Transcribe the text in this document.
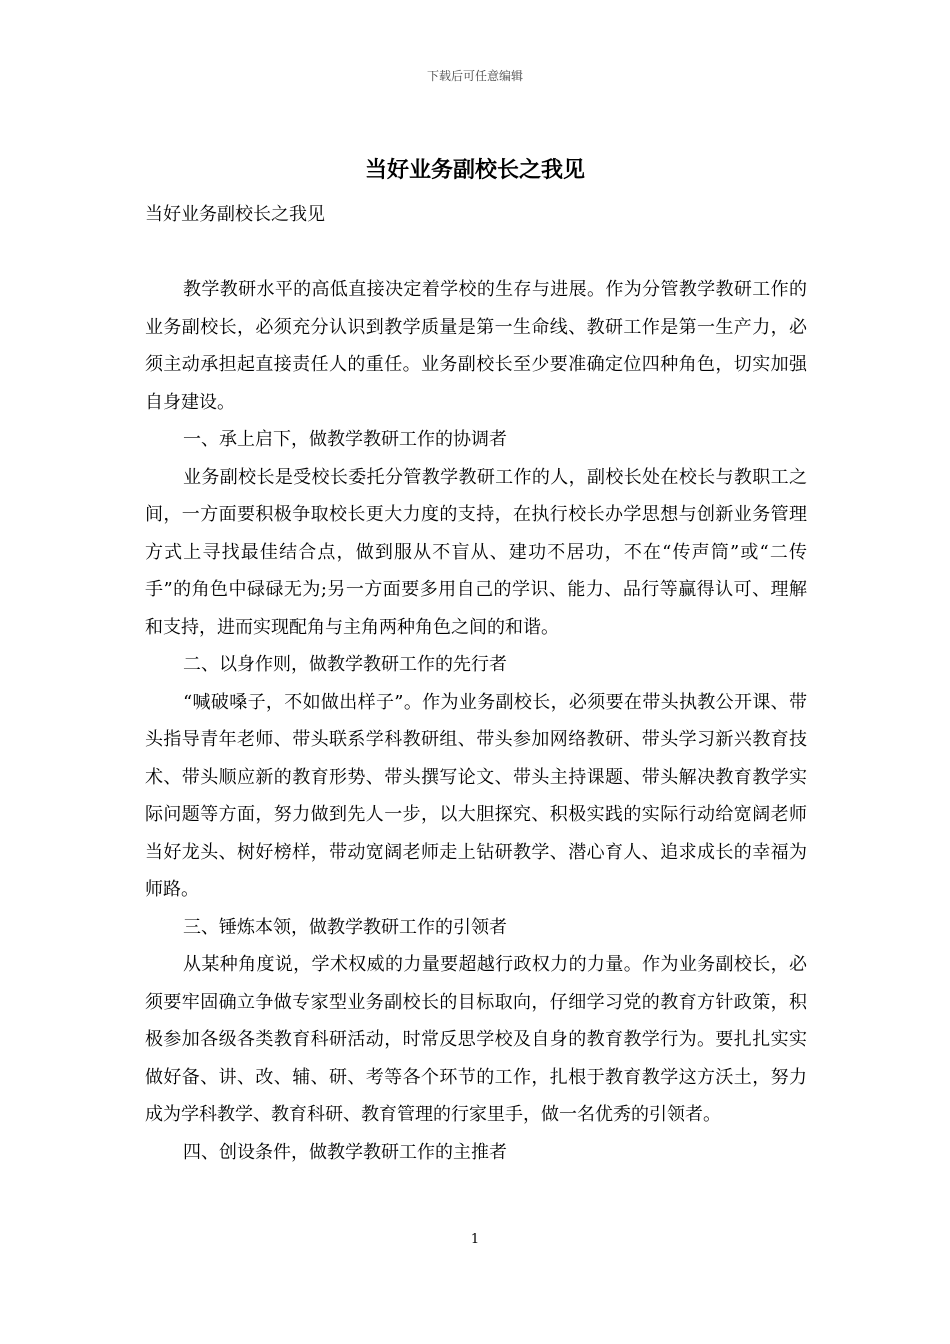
下载后可任意编辑
当好业务副校长之我见

当好业务副校长之我见

教学教研水平的高低直接决定着学校的生存与进展。作为分管教学教研工作的业务副校长，必须充分认识到教学质量是第一生命线、教研工作是第一生产力，必须主动承担起直接责任人的重任。业务副校长至少要准确定位四种角色，切实加强自身建设。

一、承上启下，做教学教研工作的协调者

业务副校长是受校长委托分管教学教研工作的人，副校长处在校长与教职工之间，一方面要积极争取校长更大力度的支持，在执行校长办学思想与创新业务管理方式上寻找最佳结合点，做到服从不盲从、建功不居功，不在“传声筒”或“二传手”的角色中碌碌无为;另一方面要多用自己的学识、能力、品行等赢得认可、理解和支持，进而实现配角与主角两种角色之间的和谐。

二、以身作则，做教学教研工作的先行者

“喊破嗓子，不如做出样子”。作为业务副校长，必须要在带头执教公开课、带头指导青年老师、带头联系学科教研组、带头参加网络教研、带头学习新兴教育技术、带头顺应新的教育形势、带头撰写论文、带头主持课题、带头解决教育教学实际问题等方面，努力做到先人一步，以大胆探究、积极实践的实际行动给宽阔老师当好龙头、树好榜样，带动宽阔老师走上钻研教学、潜心育人、追求成长的幸福为师路。

三、锤炼本领，做教学教研工作的引领者

从某种角度说，学术权威的力量要超越行政权力的力量。作为业务副校长，必须要牢固确立争做专家型业务副校长的目标取向，仔细学习党的教育方针政策，积极参加各级各类教育科研活动，时常反思学校及自身的教育教学行为。要扎扎实实做好备、讲、改、辅、研、考等各个环节的工作，扎根于教育教学这方沃土，努力成为学科教学、教育科研、教育管理的行家里手，做一名优秀的引领者。

四、创设条件，做教学教研工作的主推者

1
